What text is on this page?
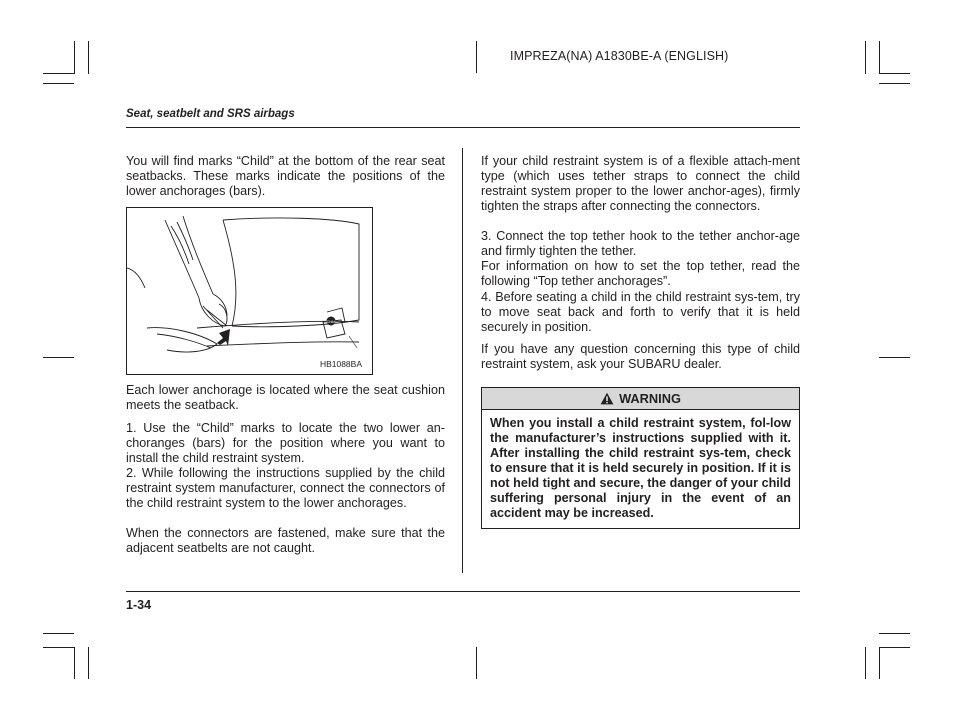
IMPREZA(NA) A1830BE-A (ENGLISH)
Seat, seatbelt and SRS airbags

You will find marks “Child” at the bottom of the rear seat seatbacks. These marks indicate the positions of the lower anchorages (bars).

Child
HB1088BA

Each lower anchorage is located where the seat cushion meets the seatback.

1. Use the “Child” marks to locate the two lower an-choranges (bars) for the position where you want to install the child restraint system.

2. While following the instructions supplied by the child restraint system manufacturer, connect the connectors of the child restraint system to the lower anchorages.

When the connectors are fastened, make sure that the adjacent seatbelts are not caught.

If your child restraint system is of a flexible attach-ment type (which uses tether straps to connect the child restraint system proper to the lower anchor-ages), firmly tighten the straps after connecting the connectors.

3. Connect the top tether hook to the tether anchor-age and firmly tighten the tether.

For information on how to set the top tether, read the following “Top tether anchorages”.

4. Before seating a child in the child restraint sys-tem, try to move seat back and forth to verify that it is held securely in position.

If you have any question concerning this type of child restraint system, ask your SUBARU dealer.

WARNING

When you install a child restraint system, fol-low the manufacturer’s instructions supplied with it. After installing the child restraint sys-tem, check to ensure that it is held securely in position. If it is not held tight and secure, the danger of your child suffering personal injury in the event of an accident may be increased.

1-34
